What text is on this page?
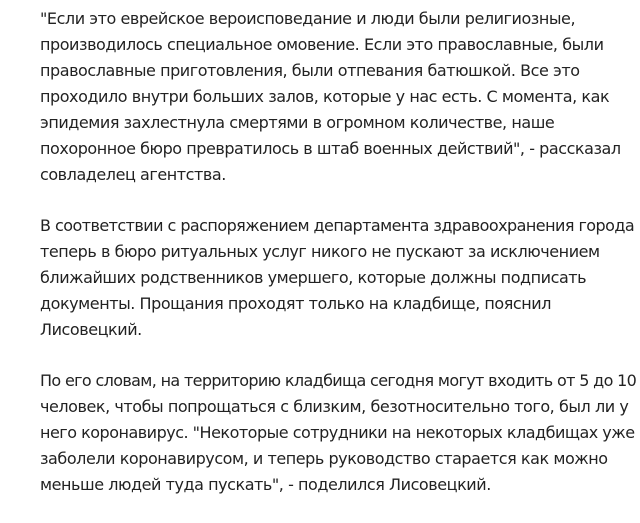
"Если это еврейское вероисповедание и люди были религиозные,
производилось специальное омовение. Если это православные, были
православные приготовления, были отпевания батюшкой. Все это
проходило внутри больших залов, которые у нас есть. С момента, как
эпидемия захлестнула смертями в огромном количестве, наше
похоронное бюро превратилось в штаб военных действий", - рассказал
совладелец агентства.

В соответствии с распоряжением департамента здравоохранения города
теперь в бюро ритуальных услуг никого не пускают за исключением
ближайших родственников умершего, которые должны подписать
документы. Прощания проходят только на кладбище, пояснил
Лисовецкий.

По его словам, на территорию кладбища сегодня могут входить от 5 до 10
человек, чтобы попрощаться с близким, безотносительно того, был ли у
него коронавирус. "Некоторые сотрудники на некоторых кладбищах уже
заболели коронавирусом, и теперь руководство старается как можно
меньше людей туда пускать", - поделился Лисовецкий.
